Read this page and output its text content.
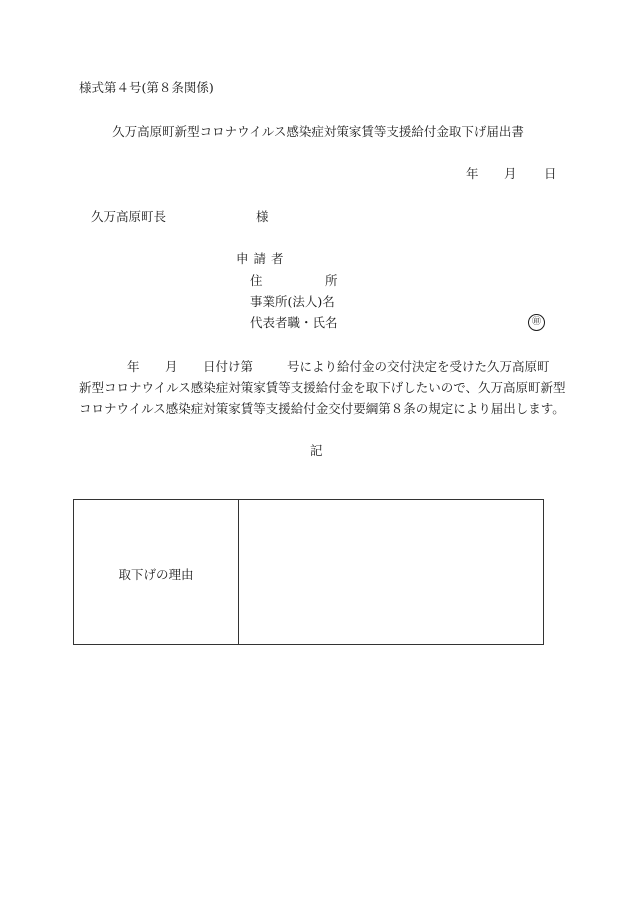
様式第４号(第８条関係)
久万高原町新型コロナウイルス感染症対策家賃等支援給付金取下げ届出書
年 月 日
久万高原町長	様
申請者
住	所
事業所(法人)名
代表者職・氏名	㊞
年 月 日付け第	号により給付金の交付決定を受けた久万高原町
新型コロナウイルス感染症対策家賃等支援給付金を取下げしたいので、久万高原町新型
コロナウイルス感染症対策家賃等支援給付金交付要綱第８条の規定により届出します。
記
取下げの理由
